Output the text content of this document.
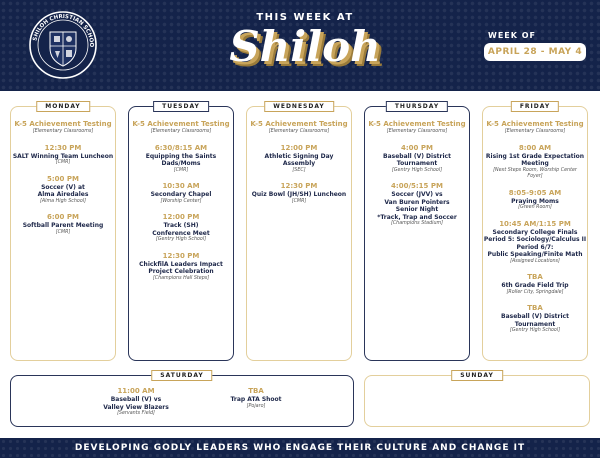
SHILOH CHRISTIAN SCHOO
THIS WEEK AT
Shiloh	WEEK OF
APRIL 28 - MAY 4
MONDAY
K-5 Achievement Testing
[Elementary Classrooms]
12:30 PM
SALT Winning Team Luncheon
[CMR]
5:00 PM
Soccer (V) at
Alma Airedales
[Alma High School]
6:00 PM
Softball Parent Meeting
[CMR]
TUESDAY
K-5 Achievement Testing
[Elementary Classrooms]
6:30/8:15 AM
Equipping the Saints
Dads/Moms
[CMR]
10:30 AM
Secondary Chapel
[Worship Center]
12:00 PM
Track (SH)
Conference Meet
[Gentry High School]
12:30 PM
ChickfilA Leaders Impact
Project Celebration
[Champions Hall Steps]
WEDNESDAY
K-5 Achievement Testing
[Elementary Classrooms]
12:00 PM
Athletic Signing Day
Assembly
[SEC]
12:30 PM
Quiz Bowl (JH/SH) Luncheon
[CMR]
THURSDAY
K-5 Achievement Testing
[Elementary Classrooms]
4:00 PM
Baseball (V) District
Tournament
[Gentry High School]
4:00/5:15 PM
Soccer (JVV) vs
Van Buren Pointers
Senior Night
*Track, Trap and Soccer
[Champions Stadium]
FRIDAY
K-5 Achievement Testing
[Elementary Classrooms]
8:00 AM
Rising 1st Grade Expectation
Meeting
[Next Steps Room, Worship Center
Foyer]
8:05-9:05 AM
Praying Moms
[Green Room]
10:45 AM/1:15 PM
Secondary College Finals
Period 5: Sociology/Calculus II
Period 6/7:
Public Speaking/Finite Math
[Assigned Locations]
TBA
6th Grade Field Trip
[Roller City, Springdale]
TBA
Baseball (V) District
Tournament
[Gentry High School]
SATURDAY
11:00 AM
Baseball (V) vs
Valley View Blazers
[Servants Field]
TBA
Trap ATA Shoot
[Pojaro]
SUNDAY
DEVELOPING GODLY LEADERS WHO ENGAGE THEIR CULTURE AND CHANGE IT
